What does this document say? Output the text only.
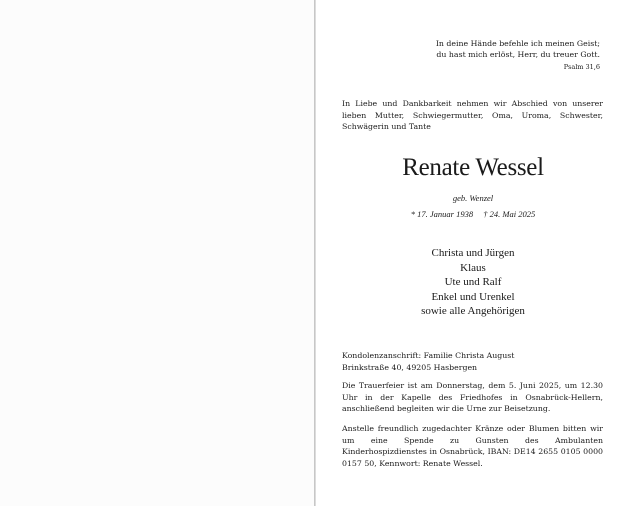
In deine Hände befehle ich meinen Geist;
du hast mich erlöst, Herr, du treuer Gott.
Psalm 31,6
In Liebe und Dankbarkeit nehmen wir Abschied von unserer lieben Mutter, Schwiegermutter, Oma, Uroma, Schwester, Schwägerin und Tante
Renate Wessel
geb. Wenzel
* 17. Januar 1938 † 24. Mai 2025
Christa und Jürgen
Klaus
Ute und Ralf
Enkel und Urenkel
sowie alle Angehörigen
Kondolenzanschrift: Familie Christa August
Brinkstraße 40, 49205 Hasbergen
Die Trauerfeier ist am Donnerstag, dem 5. Juni 2025, um 12.30 Uhr in der Kapelle des Friedhofes in Osnabrück-Hellern, anschließend begleiten wir die Urne zur Beisetzung.
Anstelle freundlich zugedachter Kränze oder Blumen bitten wir um eine Spende zu Gunsten des Ambulanten Kinderhospizdienstes in Osnabrück, IBAN: DE14 2655 0105 0000 0157 50, Kennwort: Renate Wessel.
